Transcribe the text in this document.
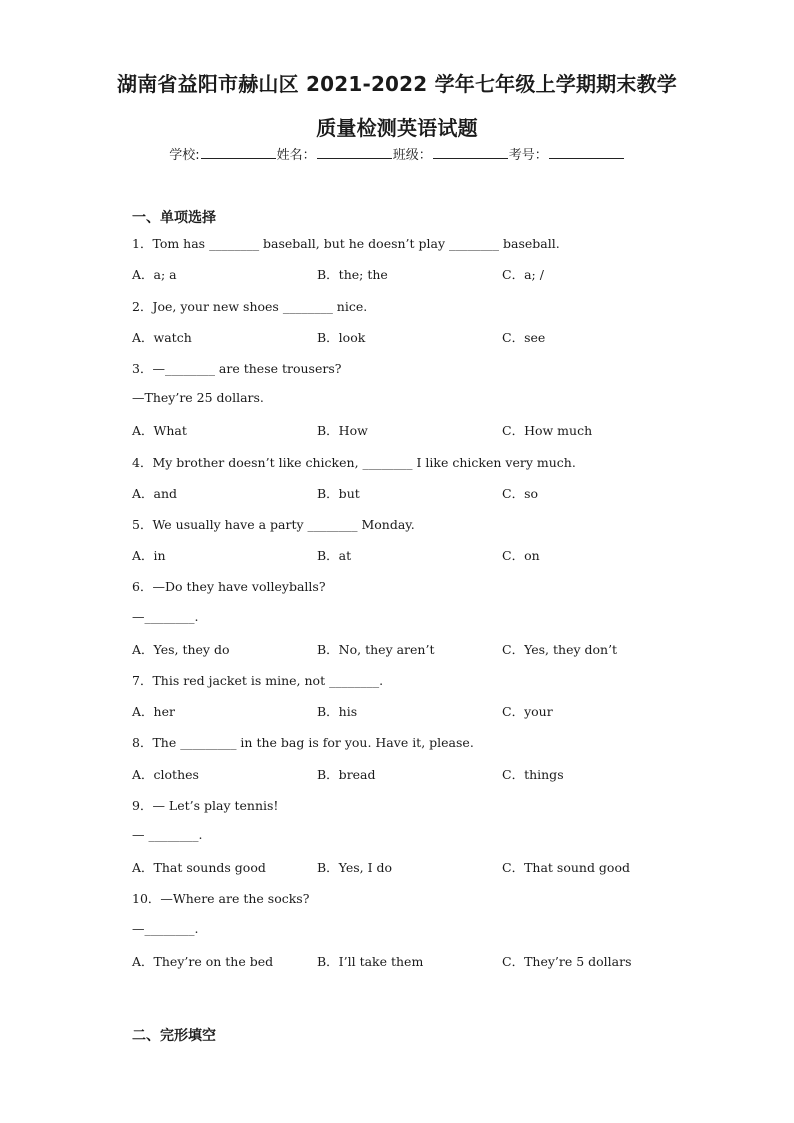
湖南省益阳市赫山区 2021-2022 学年七年级上学期期末教学
质量检测英语试题
学校:	姓名：	班级：	考号：
一、单项选择
1．Tom has ________ baseball, but he doesn’t play ________ baseball.
A．a; a	B．the; the	C．a; /
2．Joe, your new shoes ________ nice.
A．watch	B．look	C．see
3．—________ are these trousers?
—They’re 25 dollars.
A．What	B．How	C．How much
4．My brother doesn’t like chicken, ________ I like chicken very much.
A．and	B．but	C．so
5．We usually have a party ________ Monday.
A．in	B．at	C．on
6．—Do they have volleyballs?
—________.
A．Yes, they do	B．No, they aren’t	C．Yes, they don’t
7．This red jacket is mine, not ________.
A．her	B．his	C．your
8．The _________ in the bag is for you. Have it, please.
A．clothes	B．bread	C．things
9．— Let’s play tennis!
— ________.
A．That sounds good	B．Yes, I do	C．That sound good
10．—Where are the socks?
—________.
A．They’re on the bed	B．I’ll take them	C．They’re 5 dollars
二、完形填空
